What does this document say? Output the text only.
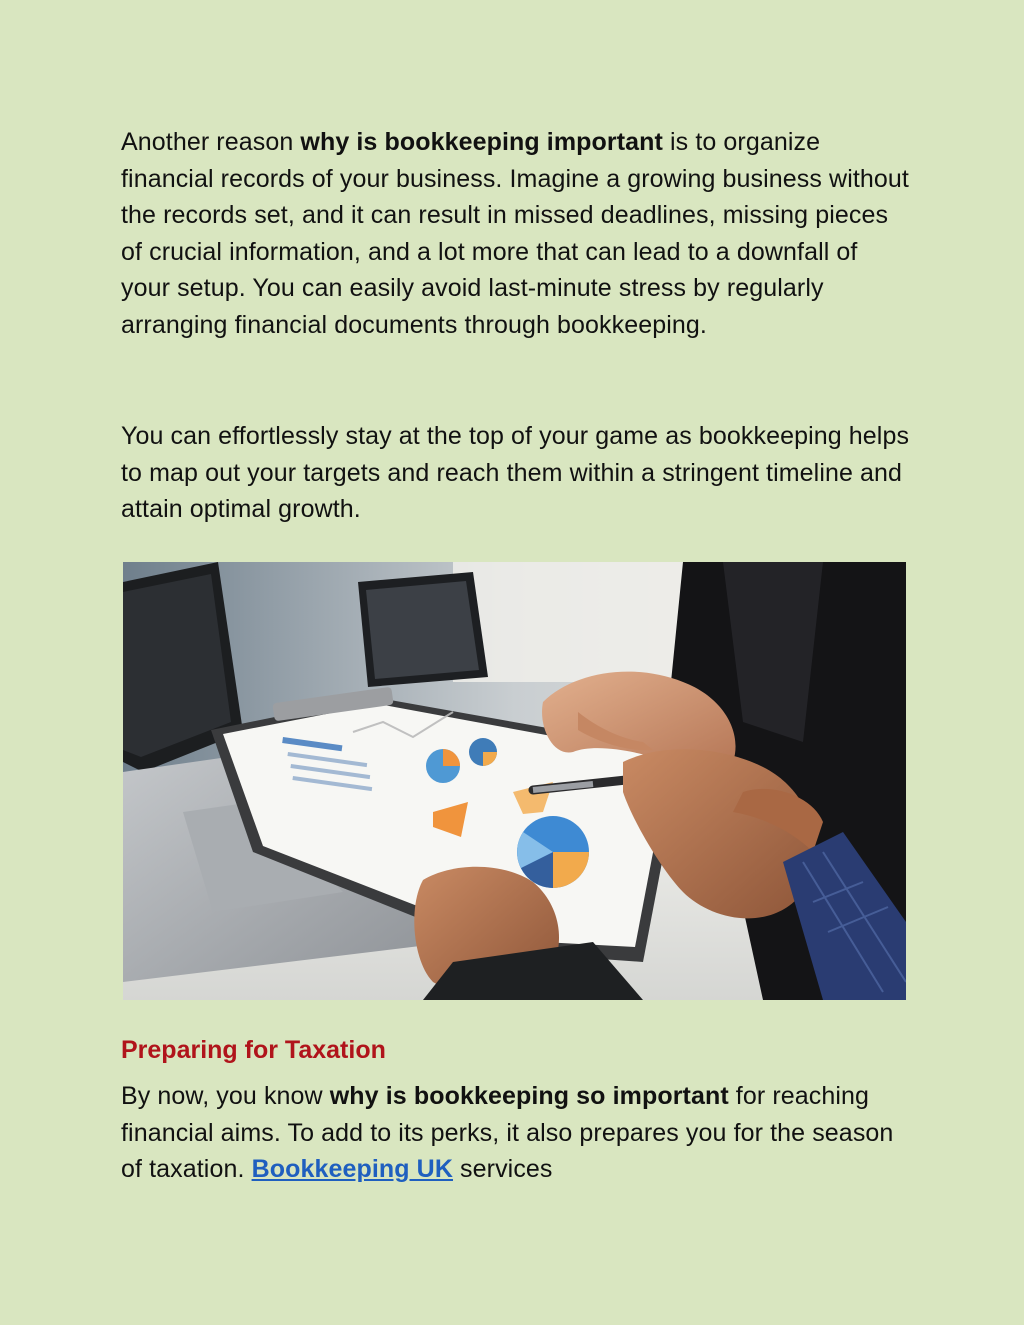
Another reason why is bookkeeping important is to organize financial records of your business. Imagine a growing business without the records set, and it can result in missed deadlines, missing pieces of crucial information, and a lot more that can lead to a downfall of your setup. You can easily avoid last-minute stress by regularly arranging financial documents through bookkeeping.

You can effortlessly stay at the top of your game as bookkeeping helps to map out your targets and reach them within a stringent timeline and attain optimal growth.

Preparing for Taxation

By now, you know why is bookkeeping so important for reaching financial aims. To add to its perks, it also prepares you for the season of taxation. Bookkeeping UK services
